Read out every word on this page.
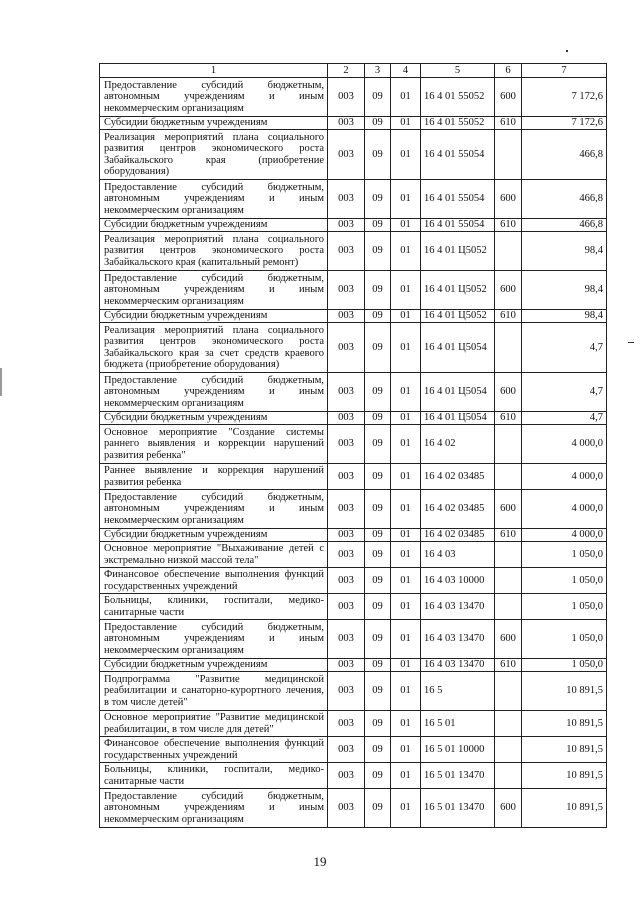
1	2	3	4	5	6	7
Предоставление субсидий бюджетным, автономным учреждениям и иным некоммерческим организациям	003	09	01	16 4 01 55052	600	7 172,6
Субсидии бюджетным учреждениям	003	09	01	16 4 01 55052	610	7 172,6
Реализация мероприятий плана социального развития центров экономического роста Забайкальского края (приобретение оборудования)	003	09	01	16 4 01 55054		466,8
Предоставление субсидий бюджетным, автономным учреждениям и иным некоммерческим организациям	003	09	01	16 4 01 55054	600	466,8
Субсидии бюджетным учреждениям	003	09	01	16 4 01 55054	610	466,8
Реализация мероприятий плана социального развития центров экономического роста Забайкальского края (капитальный ремонт)	003	09	01	16 4 01 Ц5052		98,4
Предоставление субсидий бюджетным, автономным учреждениям и иным некоммерческим организациям	003	09	01	16 4 01 Ц5052	600	98,4
Субсидии бюджетным учреждениям	003	09	01	16 4 01 Ц5052	610	98,4
Реализация мероприятий плана социального развития центров экономического роста Забайкальского края за счет средств краевого бюджета (приобретение оборудования)	003	09	01	16 4 01 Ц5054		4,7
Предоставление субсидий бюджетным, автономным учреждениям и иным некоммерческим организациям	003	09	01	16 4 01 Ц5054	600	4,7
Субсидии бюджетным учреждениям	003	09	01	16 4 01 Ц5054	610	4,7
Основное мероприятие "Создание системы раннего выявления и коррекции нарушений развития ребенка"	003	09	01	16 4 02		4 000,0
Раннее выявление и коррекция нарушений развития ребенка	003	09	01	16 4 02 03485		4 000,0
Предоставление субсидий бюджетным, автономным учреждениям и иным некоммерческим организациям	003	09	01	16 4 02 03485	600	4 000,0
Субсидии бюджетным учреждениям	003	09	01	16 4 02 03485	610	4 000,0
Основное мероприятие "Выхаживание детей с экстремально низкой массой тела"	003	09	01	16 4 03		1 050,0
Финансовое обеспечение выполнения функций государственных учреждений	003	09	01	16 4 03 10000		1 050,0
Больницы, клиники, госпитали, медико-санитарные части	003	09	01	16 4 03 13470		1 050,0
Предоставление субсидий бюджетным, автономным учреждениям и иным некоммерческим организациям	003	09	01	16 4 03 13470	600	1 050,0
Субсидии бюджетным учреждениям	003	09	01	16 4 03 13470	610	1 050,0
Подпрограмма "Развитие медицинской реабилитации и санаторно-курортного лечения, в том числе детей"	003	09	01	16 5		10 891,5
Основное мероприятие "Развитие медицинской реабилитации, в том числе для детей"	003	09	01	16 5 01		10 891,5
Финансовое обеспечение выполнения функций государственных учреждений	003	09	01	16 5 01 10000		10 891,5
Больницы, клиники, госпитали, медико-санитарные части	003	09	01	16 5 01 13470		10 891,5
Предоставление субсидий бюджетным, автономным учреждениям и иным некоммерческим организациям	003	09	01	16 5 01 13470	600	10 891,5
19
